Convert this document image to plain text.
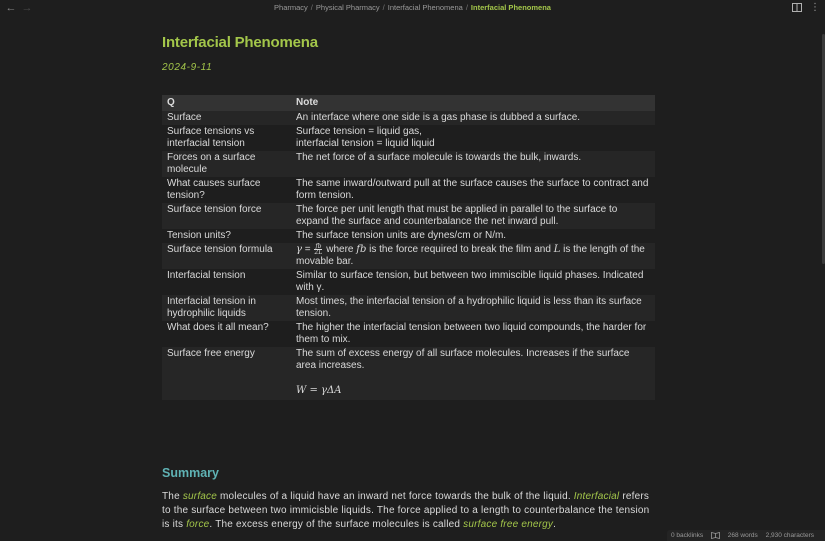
← →	Pharmacy / Physical Pharmacy / Interfacial Phenomena / Interfacial Phenomena	⋮
Interfacial Phenomena
2024-9-11
Q	Note
Surface	An interface where one side is a gas phase is dubbed a surface.
Surface tensions vs interfacial tension	Surface tension = liquid gas,
interfacial tension = liquid liquid

Forces on a surface molecule	The net force of a surface molecule is towards the bulk, inwards.
What causes surface tension?	The same inward/outward pull at the surface causes the surface to contract and form tension.
Surface tension force	The force per unit length that must be applied in parallel to the surface to expand the surface and counterbalance the net inward pull.
Tension units?	The surface tension units are dynes/cm or N/m.
Surface tension formula	$\gamma = \frac{fb}{2L}$ where fb is the force required to break the film and L is the length of the movable bar.
Interfacial tension	Similar to surface tension, but between two immiscible liquid phases. Indicated with γ.
Interfacial tension in hydrophilic liquids	Most times, the interfacial tension of a hydrophilic liquid is less than its surface tension.
What does it all mean?	The higher the interfacial tension between two liquid compounds, the harder for them to mix.
Surface free energy	The sum of excess energy of all surface molecules. Increases if the surface area increases.
W = γΔA
Summary
The surface molecules of a liquid have an inward net force towards the bulk of the liquid. Interfacial refers to the surface between two immicisble liquids. The force applied to a length to counterbalance the tension is its force. The excess energy of the surface molecules is called surface free energy.
0 backlinks	268 words 2,930 characters
